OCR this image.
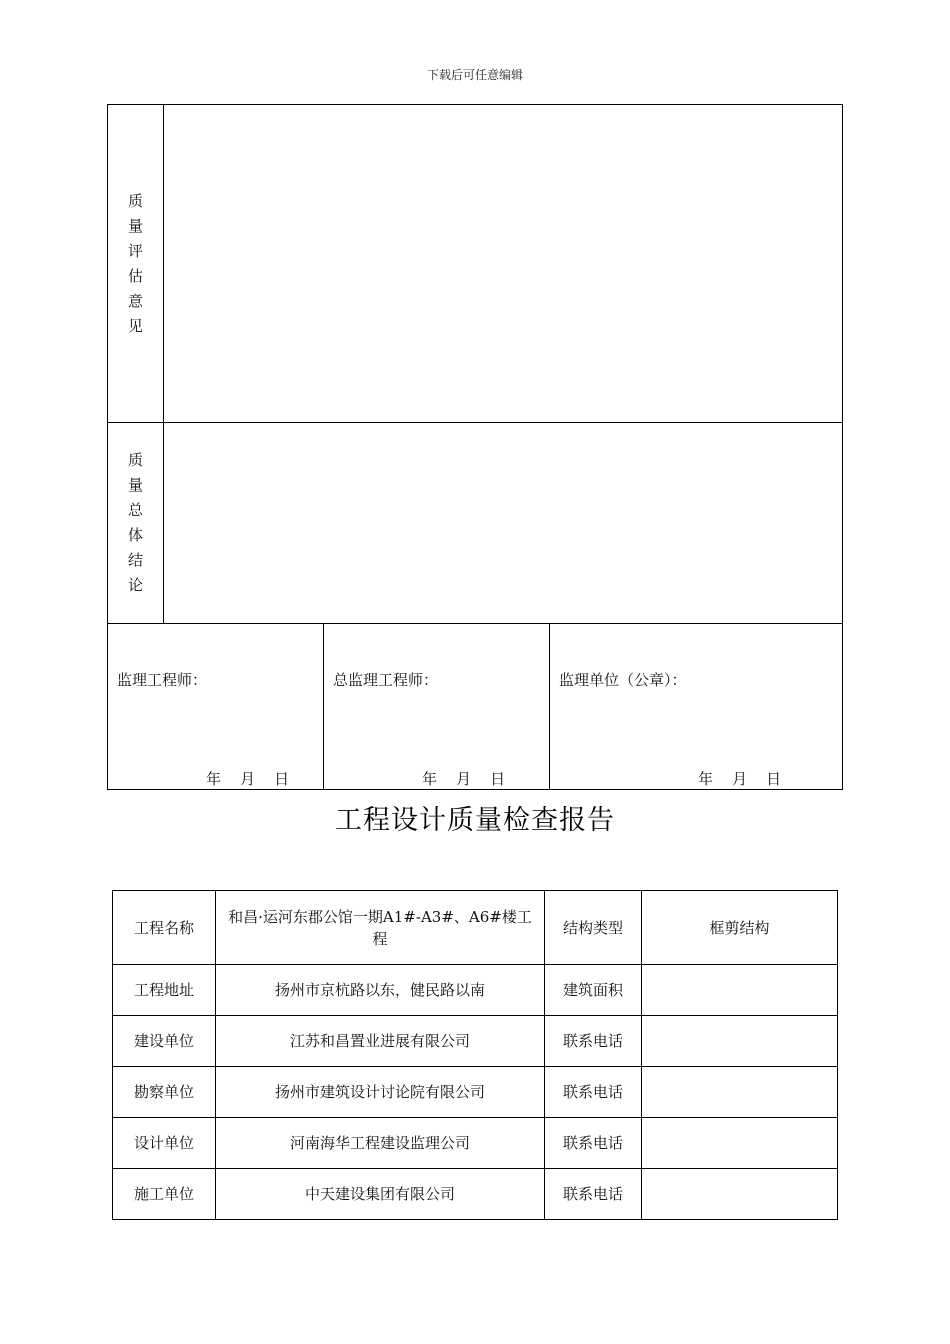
下载后可任意编辑
质量评估意见
质量总体结论
监理工程师：
年    月    日
总监理工程师：
年    月    日
监理单位（公章）：
年    月    日
工程设计质量检查报告
工程名称	和昌·运河东郡公馆一期A1#-A3#、A6#楼工程	结构类型	框剪结构
工程地址	扬州市京杭路以东，健民路以南	建筑面积	
建设单位	江苏和昌置业进展有限公司	联系电话	
勘察单位	扬州市建筑设计讨论院有限公司	联系电话	
设计单位	河南海华工程建设监理公司	联系电话	
施工单位	中天建设集团有限公司	联系电话	
